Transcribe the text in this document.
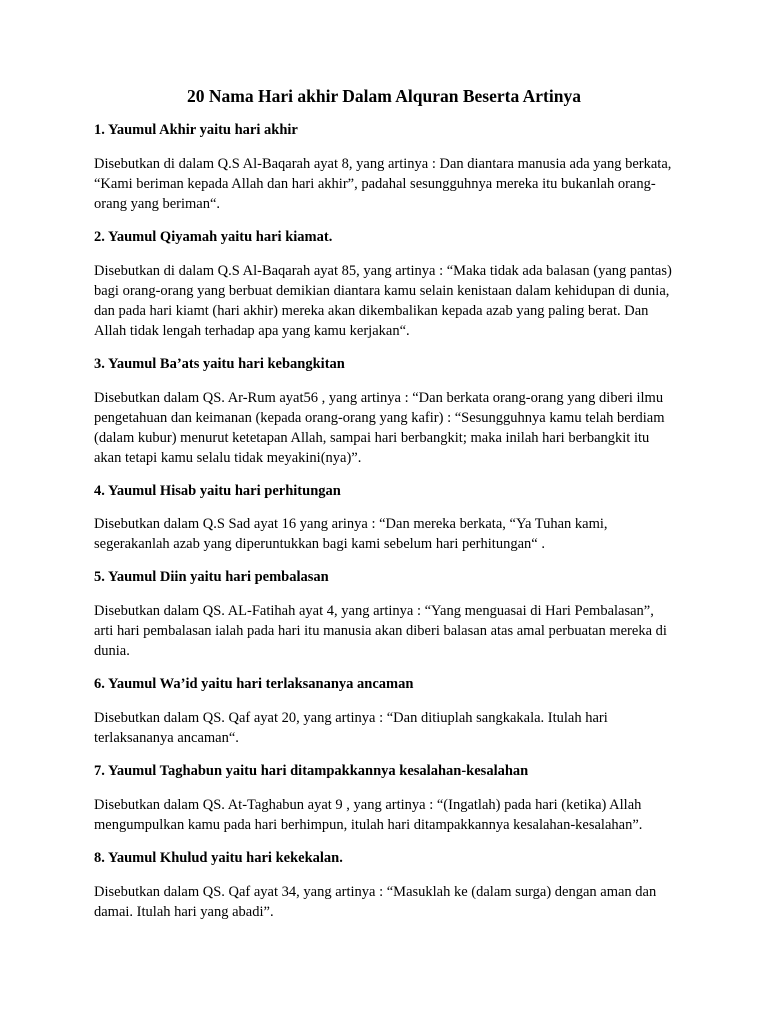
20 Nama Hari akhir Dalam Alquran Beserta Artinya

1. Yaumul Akhir yaitu hari akhir

Disebutkan di dalam Q.S Al-Baqarah ayat 8, yang artinya : Dan diantara manusia ada yang berkata, “Kami beriman kepada Allah dan hari akhir”, padahal sesungguhnya mereka itu bukanlah orang-orang yang beriman“.

2. Yaumul Qiyamah yaitu hari kiamat.

Disebutkan di dalam Q.S Al-Baqarah ayat 85, yang artinya : “Maka tidak ada balasan (yang pantas) bagi orang-orang yang berbuat demikian diantara kamu selain kenistaan dalam kehidupan di dunia, dan pada hari kiamt (hari akhir) mereka akan dikembalikan kepada azab yang paling berat. Dan Allah tidak lengah terhadap apa yang kamu kerjakan“.

3. Yaumul Ba’ats yaitu hari kebangkitan

Disebutkan dalam QS. Ar-Rum ayat56 , yang artinya : “Dan berkata orang-orang yang diberi ilmu pengetahuan dan keimanan (kepada orang-orang yang kafir) : “Sesungguhnya kamu telah berdiam (dalam kubur) menurut ketetapan Allah, sampai hari berbangkit; maka inilah hari berbangkit itu akan tetapi kamu selalu tidak meyakini(nya)”.

4. Yaumul Hisab yaitu hari perhitungan

Disebutkan dalam Q.S Sad ayat 16 yang arinya : “Dan mereka berkata, “Ya Tuhan kami, segerakanlah azab yang diperuntukkan bagi kami sebelum hari perhitungan“ .

5. Yaumul Diin yaitu hari pembalasan

Disebutkan dalam QS. AL-Fatihah ayat 4, yang artinya : “Yang menguasai di Hari Pembalasan”, arti hari pembalasan ialah pada hari itu manusia akan diberi balasan atas amal perbuatan mereka di dunia.

6. Yaumul Wa’id yaitu hari terlaksananya ancaman

Disebutkan dalam QS. Qaf ayat 20, yang artinya : “Dan ditiuplah sangkakala. Itulah hari terlaksananya ancaman“.

7. Yaumul Taghabun yaitu hari ditampakkannya kesalahan-kesalahan

Disebutkan dalam QS. At-Taghabun ayat 9 , yang artinya : “(Ingatlah) pada hari (ketika) Allah mengumpulkan kamu pada hari berhimpun, itulah hari ditampakkannya kesalahan-kesalahan”.

8. Yaumul Khulud yaitu hari kekekalan.

Disebutkan dalam QS. Qaf ayat 34, yang artinya : “Masuklah ke (dalam surga) dengan aman dan damai. Itulah hari yang abadi”.
